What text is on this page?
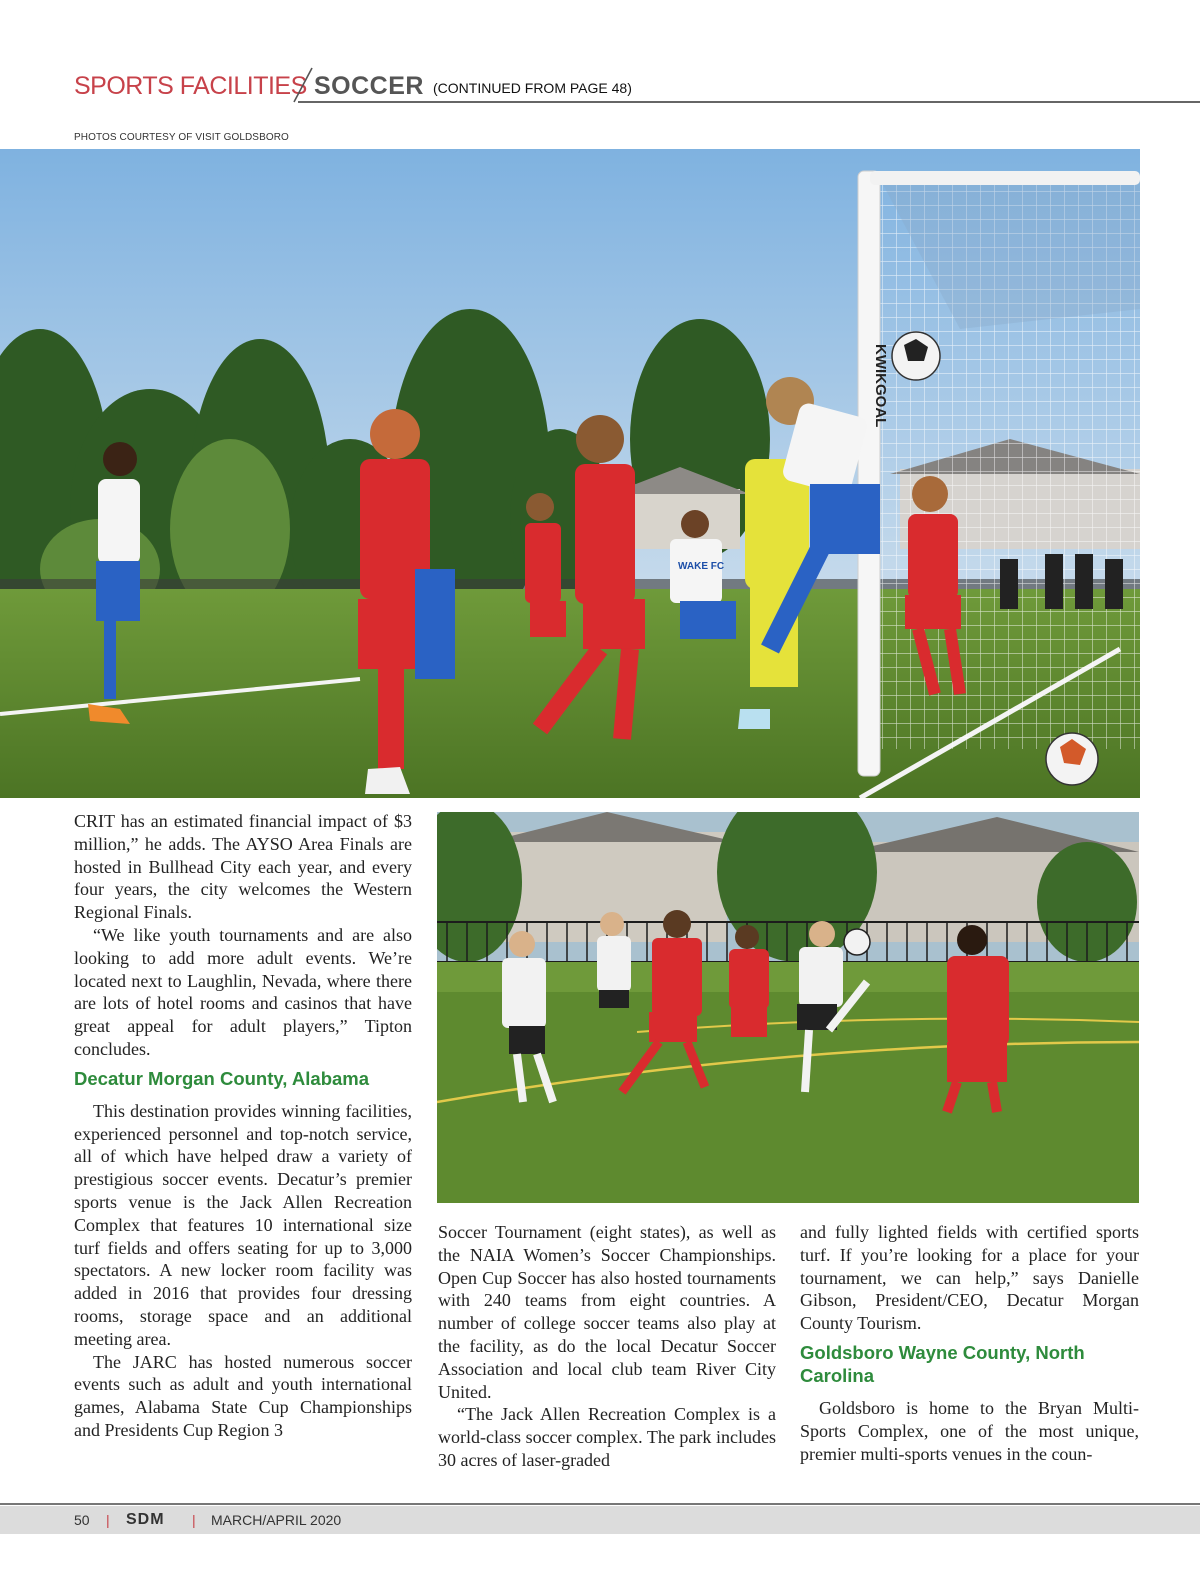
SPORTS FACILITIES SOCCER (CONTINUED FROM PAGE 48)
PHOTOS COURTESY OF VISIT GOLDSBORO
KWIKGOAL
WAKE FC

CRIT has an estimated financial impact of $3 million,” he adds. The AYSO Area Finals are hosted in Bullhead City each year, and every four years, the city welcomes the Western Regional Finals.

“We like youth tournaments and are also looking to add more adult events. We’re located next to Laughlin, Nevada, where there are lots of hotel rooms and casinos that have great appeal for adult players,” Tipton concludes.

Decatur Morgan County, Alabama

This destination provides winning facilities, experienced personnel and top-notch service, all of which have helped draw a variety of prestigious soccer events. Decatur’s premier sports venue is the Jack Allen Recreation Complex that features 10 international size turf fields and offers seating for up to 3,000 spectators. A new locker room facility was added in 2016 that provides four dressing rooms, storage space and an additional meeting area.

The JARC has hosted numerous soccer events such as adult and youth international games, Alabama State Cup Championships and Presidents Cup Region 3

Soccer Tournament (eight states), as well as the NAIA Women’s Soccer Championships. Open Cup Soccer has also hosted tournaments with 240 teams from eight countries. A number of college soccer teams also play at the facility, as do the local Decatur Soccer Association and local club team River City United.

“The Jack Allen Recreation Complex is a world-class soccer complex. The park includes 30 acres of laser-graded

and fully lighted fields with certified sports turf. If you’re looking for a place for your tournament, we can help,” says Danielle Gibson, President/CEO, Decatur Morgan County Tourism.

Goldsboro Wayne County, North Carolina

Goldsboro is home to the Bryan Multi-Sports Complex, one of the most unique, premier multi-sports venues in the coun-

50 | SDM | MARCH/APRIL 2020
